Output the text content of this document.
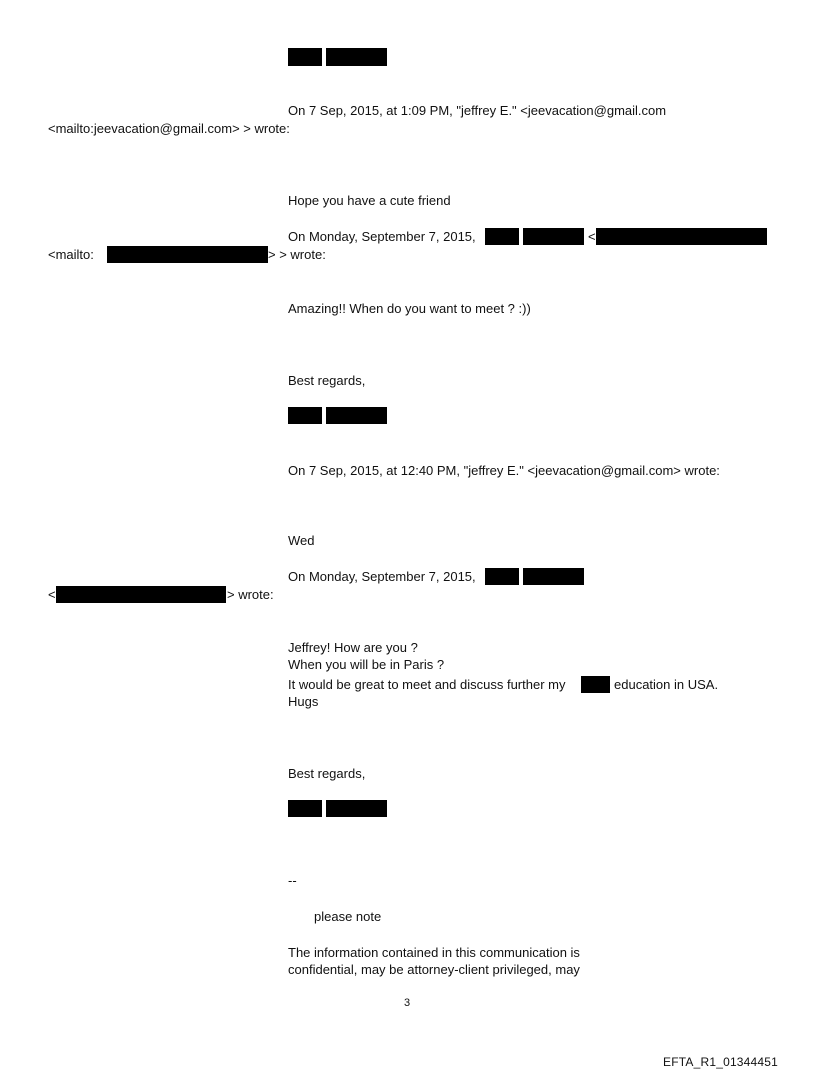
On 7 Sep, 2015, at 1:09 PM, "jeffrey E." <jeevacation@gmail.com
<mailto:jeevacation@gmail.com> > wrote:
Hope you have a cute friend
On Monday, September 7, 2015,	<
<mailto:	> > wrote:
Amazing!! When do you want to meet ? :))
Best regards,
On 7 Sep, 2015, at 12:40 PM, "jeffrey E." <jeevacation@gmail.com> wrote:
Wed
On Monday, September 7, 2015,
<	> wrote:
Jeffrey! How are you ?
When you will be in Paris ?
It would be great to meet and discuss further my	education in USA.
Hugs
Best regards,
--
please note
The information contained in this communication is
confidential, may be attorney-client privileged, may
3
EFTA_R1_01344451
